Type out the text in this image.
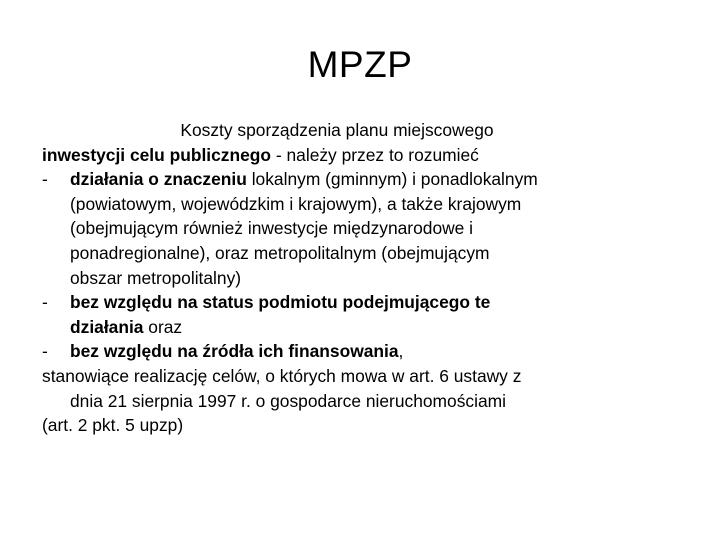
MPZP
Koszty sporządzenia planu miejscowego
inwestycji celu publicznego - należy przez to rozumieć
- działania o znaczeniu lokalnym (gminnym) i ponadlokalnym
(powiatowym, wojewódzkim i krajowym), a także krajowym
(obejmującym również inwestycje międzynarodowe i
ponadregionalne), oraz metropolitalnym (obejmującym
obszar metropolitalny)
- bez względu na status podmiotu podejmującego te
działania oraz
- bez względu na źródła ich finansowania,
stanowiące realizację celów, o których mowa w art. 6 ustawy z
dnia 21 sierpnia 1997 r. o gospodarce nieruchomościami
(art. 2 pkt. 5 upzp)
